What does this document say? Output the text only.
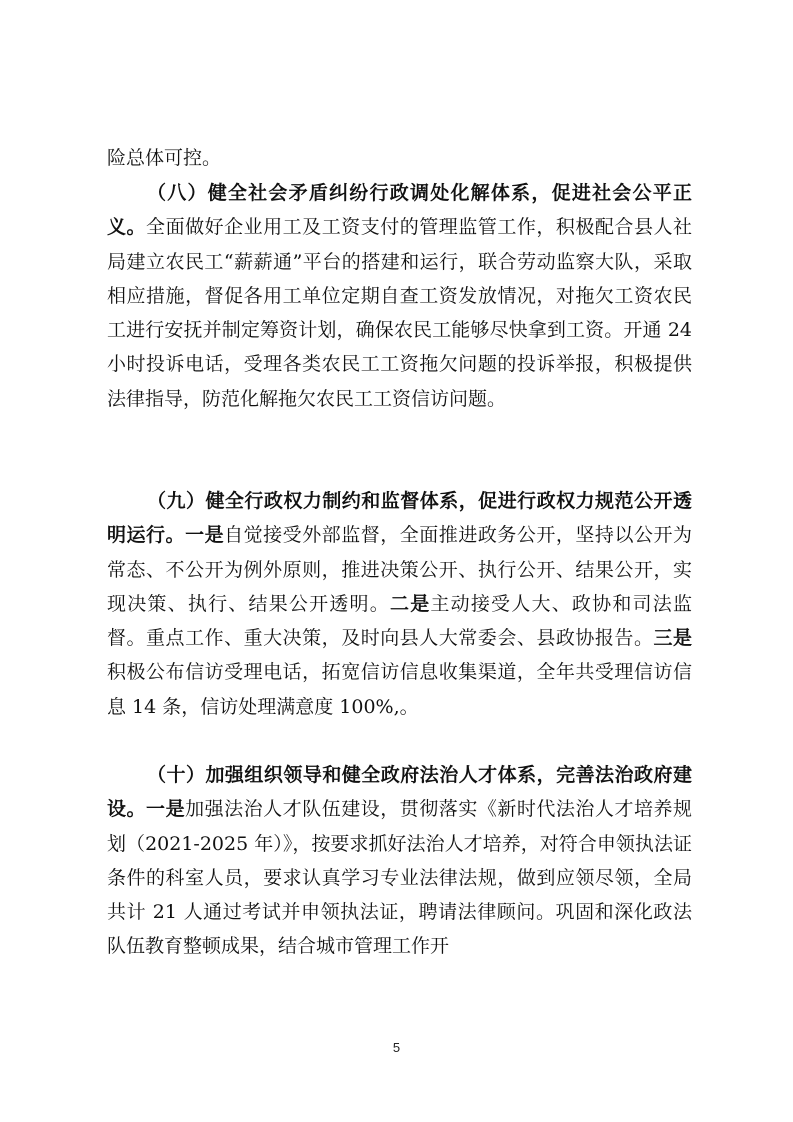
险总体可控。

（八）健全社会矛盾纠纷行政调处化解体系，促进社会公平正义。全面做好企业用工及工资支付的管理监管工作，积极配合县人社局建立农民工“薪薪通”平台的搭建和运行，联合劳动监察大队，采取相应措施，督促各用工单位定期自查工资发放情况，对拖欠工资农民工进行安抚并制定筹资计划，确保农民工能够尽快拿到工资。开通 24 小时投诉电话，受理各类农民工工资拖欠问题的投诉举报，积极提供法律指导，防范化解拖欠农民工工资信访问题。

（九）健全行政权力制约和监督体系，促进行政权力规范公开透明运行。一是自觉接受外部监督，全面推进政务公开，坚持以公开为常态、不公开为例外原则，推进决策公开、执行公开、结果公开，实现决策、执行、结果公开透明。二是主动接受人大、政协和司法监督。重点工作、重大决策，及时向县人大常委会、县政协报告。三是积极公布信访受理电话，拓宽信访信息收集渠道，全年共受理信访信息 14 条，信访处理满意度 100%,。

（十）加强组织领导和健全政府法治人才体系，完善法治政府建设。一是加强法治人才队伍建设，贯彻落实《新时代法治人才培养规划（2021-2025 年）》，按要求抓好法治人才培养，对符合申领执法证条件的科室人员，要求认真学习专业法律法规，做到应领尽领，全局共计 21 人通过考试并申领执法证，聘请法律顾问。巩固和深化政法队伍教育整顿成果，结合城市管理工作开

5
